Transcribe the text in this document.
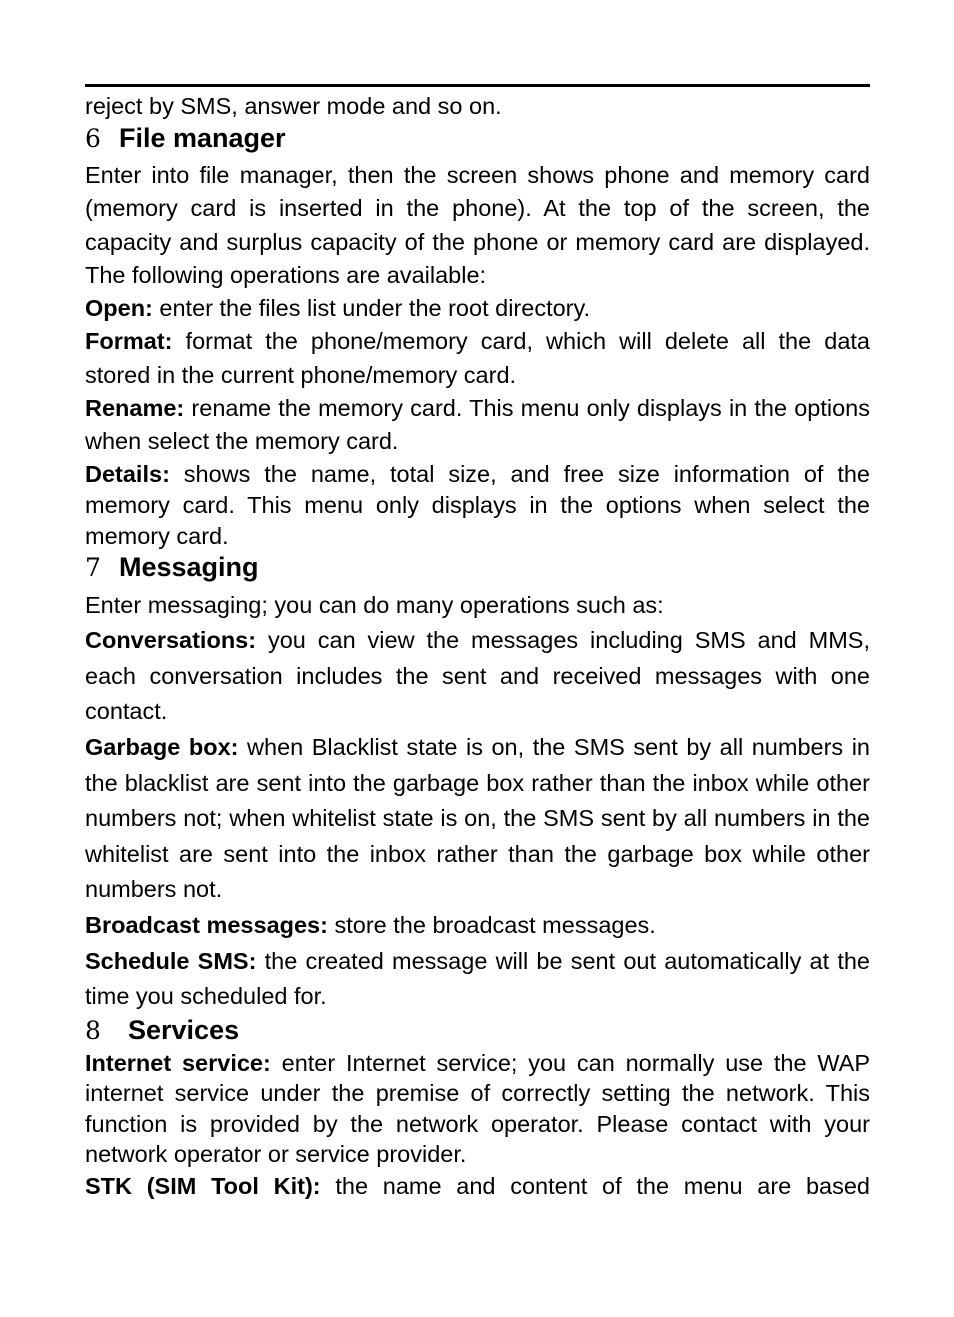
reject by SMS, answer mode and so on.

6 File manager

Enter into file manager, then the screen shows phone and memory card (memory card is inserted in the phone). At the top of the screen, the capacity and surplus capacity of the phone or memory card are displayed. The following operations are available:

Open: enter the files list under the root directory.

Format: format the phone/memory card, which will delete all the data stored in the current phone/memory card.

Rename: rename the memory card. This menu only displays in the options when select the memory card.

Details: shows the name, total size, and free size information of the memory card. This menu only displays in the options when select the memory card.

7 Messaging

Enter messaging; you can do many operations such as:

Conversations: you can view the messages including SMS and MMS, each conversation includes the sent and received messages with one contact.

Garbage box: when Blacklist state is on, the SMS sent by all numbers in the blacklist are sent into the garbage box rather than the inbox while other numbers not; when whitelist state is on, the SMS sent by all numbers in the whitelist are sent into the inbox rather than the garbage box while other numbers not.

Broadcast messages: store the broadcast messages.

Schedule SMS: the created message will be sent out automatically at the time you scheduled for.

8	Services

Internet service: enter Internet service; you can normally use the WAP internet service under the premise of correctly setting the network. This function is provided by the network operator. Please contact with your network operator or service provider.

STK (SIM Tool Kit): the name and content of the menu are based
